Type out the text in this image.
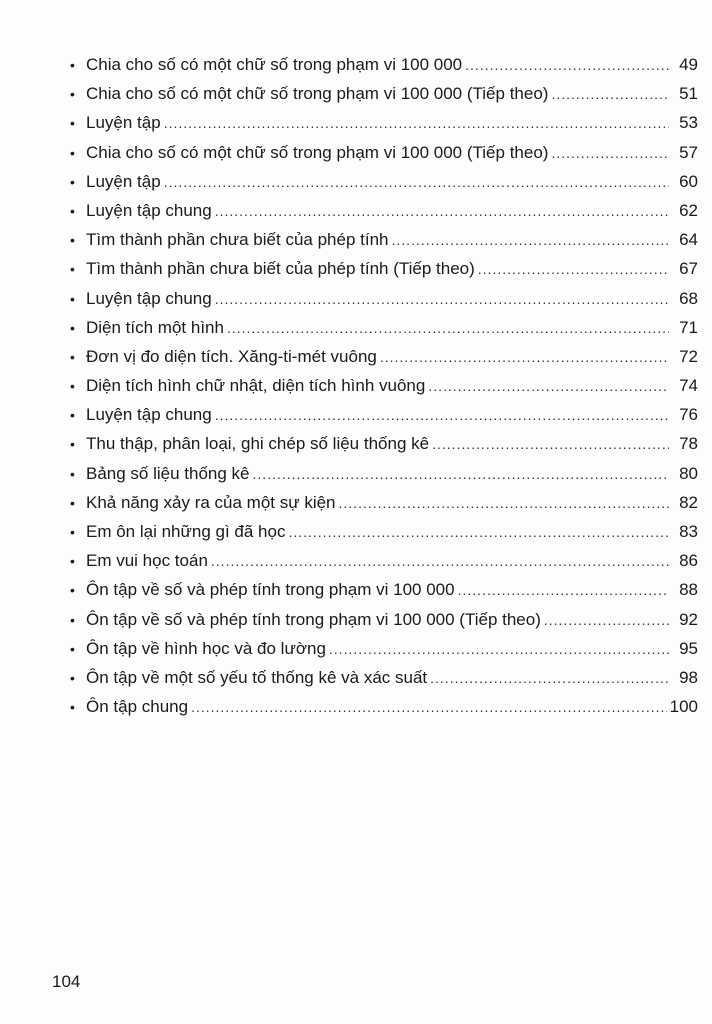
• Chia cho số có một chữ số trong phạm vi 100 000 .....	49
• Chia cho số có một chữ số trong phạm vi 100 000 (Tiếp theo) .....	51
• Luyện tập .....	53
• Chia cho số có một chữ số trong phạm vi 100 000 (Tiếp theo) .....	57
• Luyện tập .....	60
• Luyện tập chung .....	62
• Tìm thành phần chưa biết của phép tính .....	64
• Tìm thành phần chưa biết của phép tính (Tiếp theo) .....	67
• Luyện tập chung .....	68
• Diện tích một hình .....	71
• Đơn vị đo diện tích. Xăng-ti-mét vuông .....	72
• Diện tích hình chữ nhật, diện tích hình vuông .....	74
• Luyện tập chung .....	76
• Thu thập, phân loại, ghi chép số liệu thống kê .....	78
• Bảng số liệu thống kê .....	80
• Khả năng xảy ra của một sự kiện .....	82
• Em ôn lại những gì đã học .....	83
• Em vui học toán .....	86
• Ôn tập về số và phép tính trong phạm vi 100 000 .....	88
• Ôn tập về số và phép tính trong phạm vi 100 000 (Tiếp theo) .....	92
• Ôn tập về hình học và đo lường .....	95
• Ôn tập về một số yếu tố thống kê và xác suất .....	98
• Ôn tập chung .....	100
104
